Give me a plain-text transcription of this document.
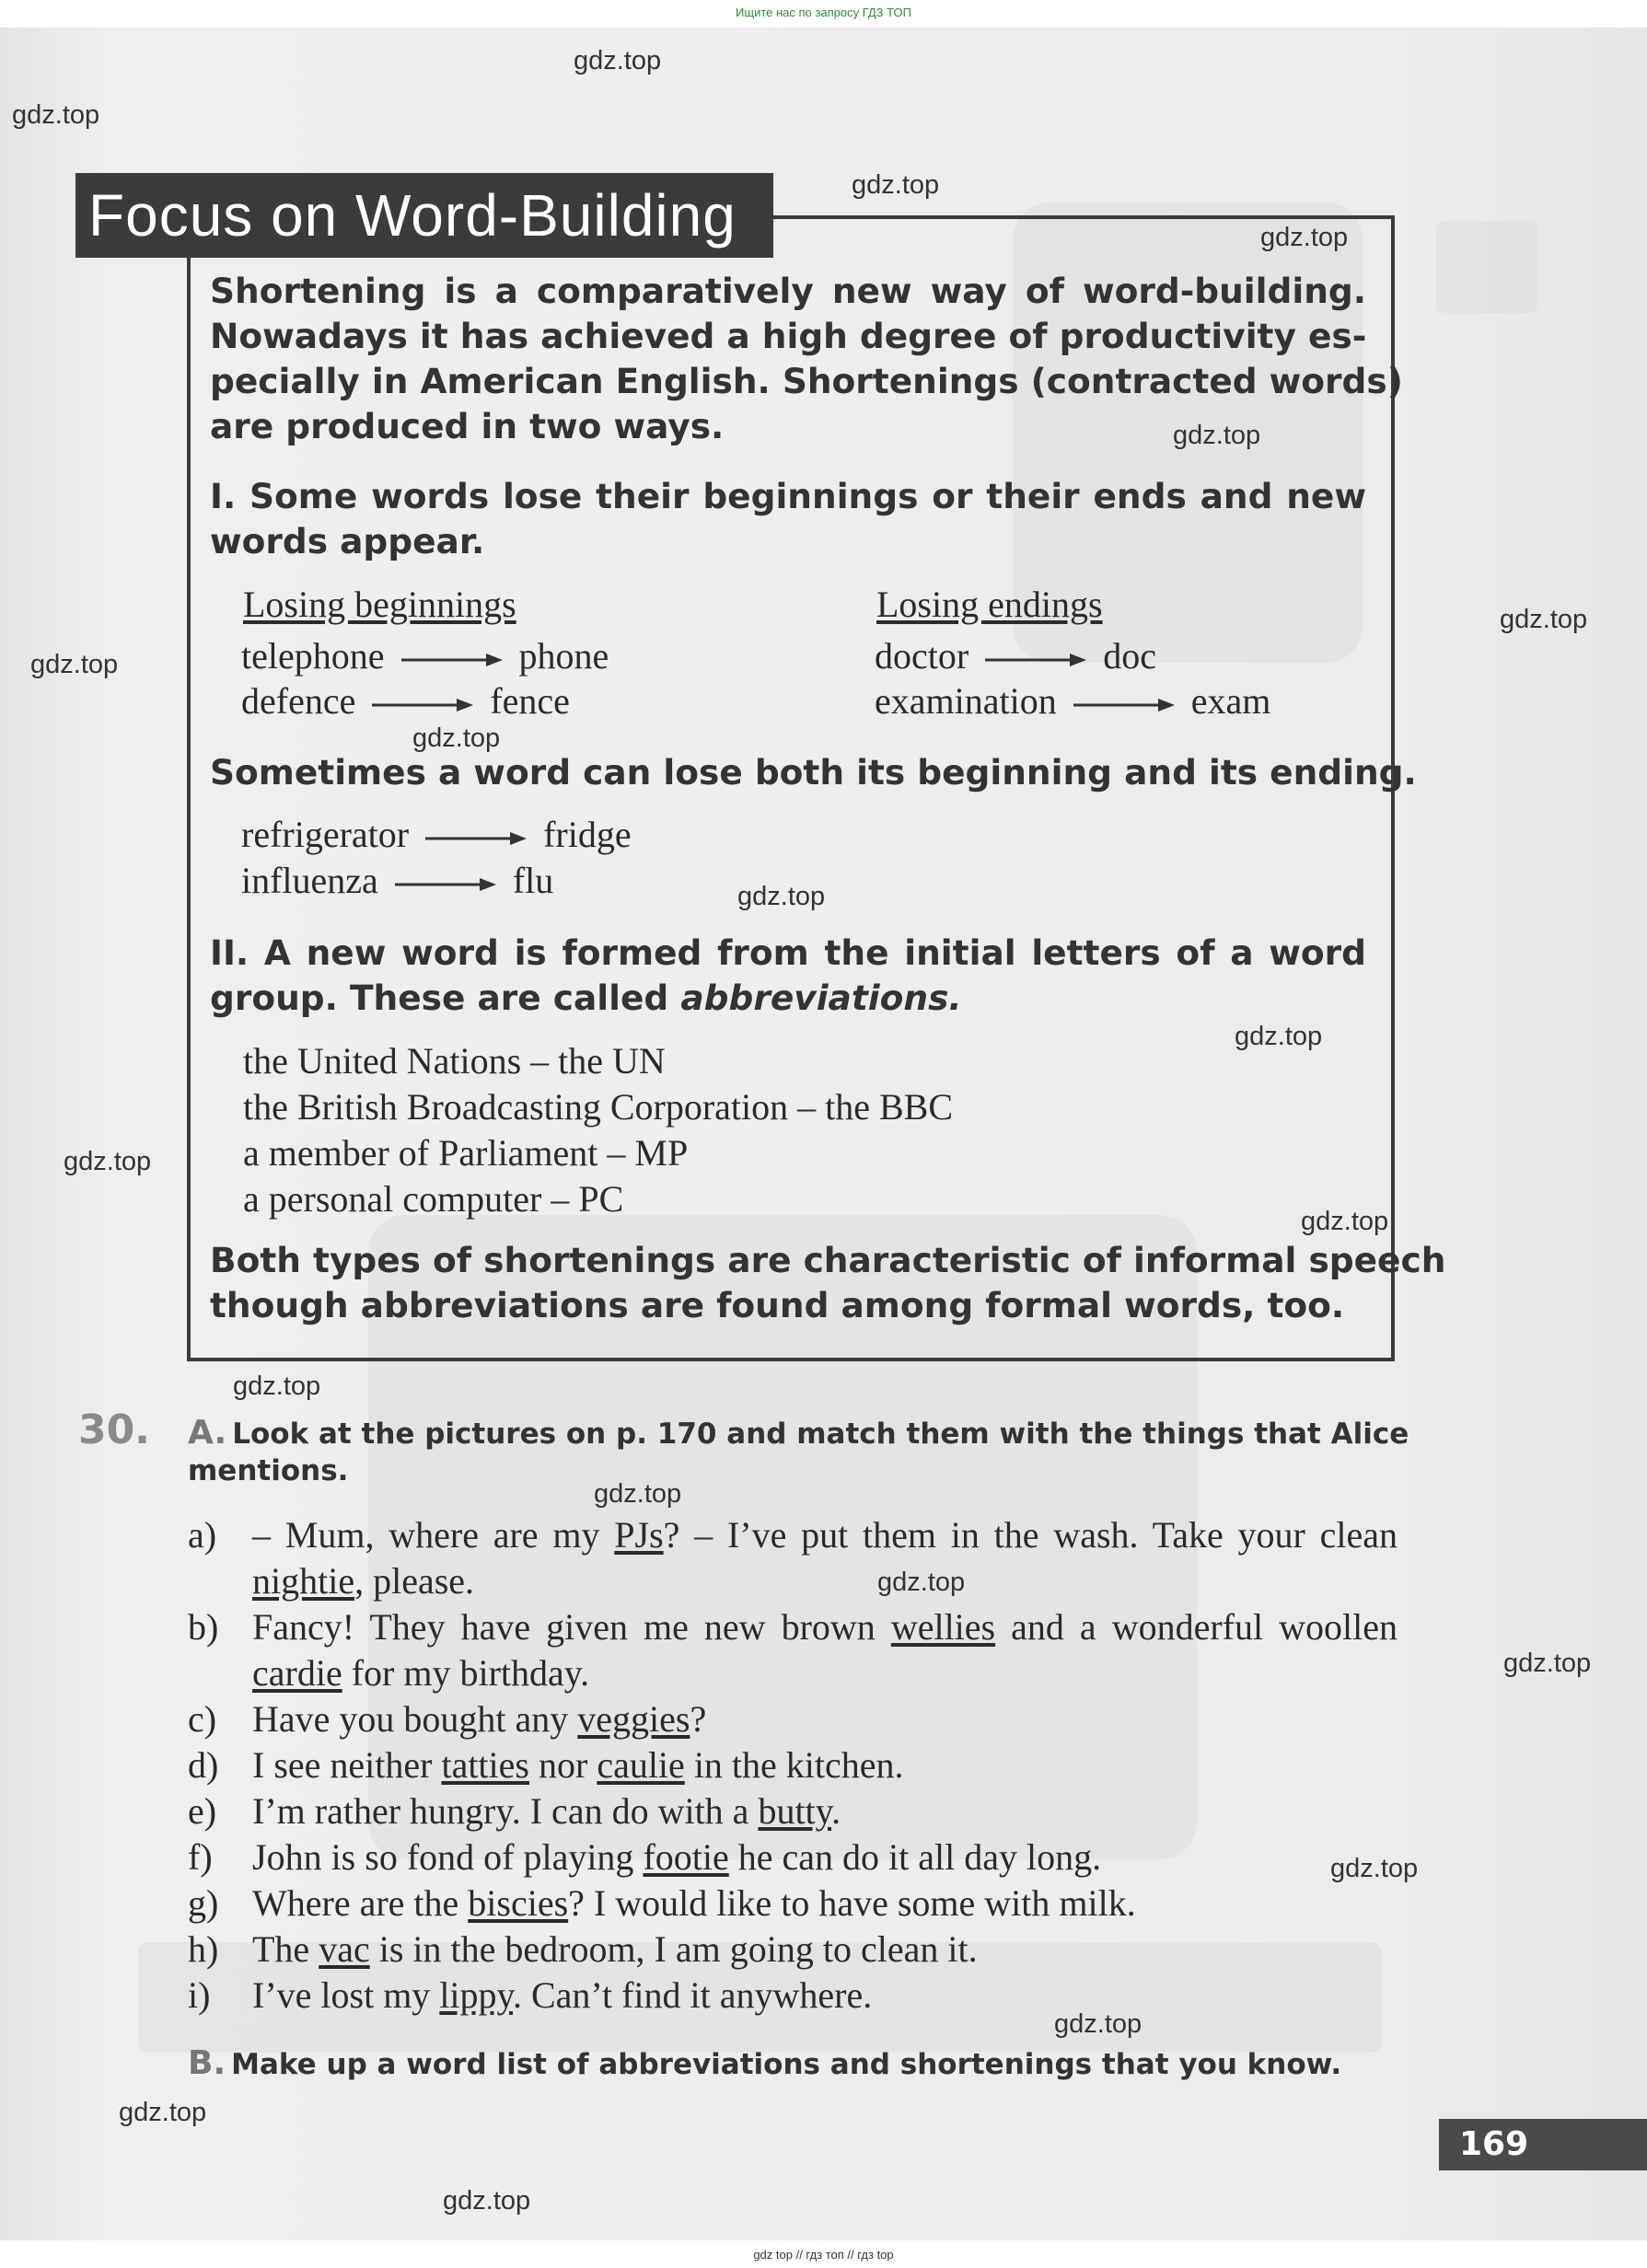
Ищите нас по запросу ГДЗ ТОП
Focus on Word-Building
Shortening is a comparatively new way of word-building.
Nowadays it has achieved a high degree of productivity es-
pecially in American English. Shortenings (contracted words)
are produced in two ways.
I. Some words lose their beginnings or their ends and new
words appear.
Losing beginnings
telephone	phone
defence	fence
Losing endings
doctor	doc
examination	exam
Sometimes a word can lose both its beginning and its ending.
refrigerator	fridge
influenza	flu
II. A new word is formed from the initial letters of a word
group. These are called abbreviations.
the United Nations – the UN
the British Broadcasting Corporation – the BBC
a member of Parliament – MP
a personal computer – PC
Both types of shortenings are characteristic of informal speech
though abbreviations are found among formal words, too.
30. A. Look at the pictures on p. 170 and match them with the things that Alice
mentions.
a) – Mum, where are my PJs? – I’ve put them in the wash. Take your clean nightie, please.
b) Fancy! They have given me new brown wellies and a wonderful woollen cardie for my birthday.
c) Have you bought any veggies?
d) I see neither tatties nor caulie in the kitchen.
e) I’m rather hungry. I can do with a butty.
f) John is so fond of playing footie he can do it all day long.
g) Where are the biscies? I would like to have some with milk.
h) The vac is in the bedroom, I am going to clean it.
i) I’ve lost my lippy. Can’t find it anywhere.
B. Make up a word list of abbreviations and shortenings that you know.
169
gdz.top
gdz.top
gdz.top
gdz.top
gdz.top
gdz.top
gdz.top
gdz.top
gdz.top
gdz.top
gdz.top
gdz.top
gdz.top
gdz.top
gdz.top
gdz.top
gdz.top
gdz.top
gdz.top
gdz.top
gdz top // гдз топ // гдз top
